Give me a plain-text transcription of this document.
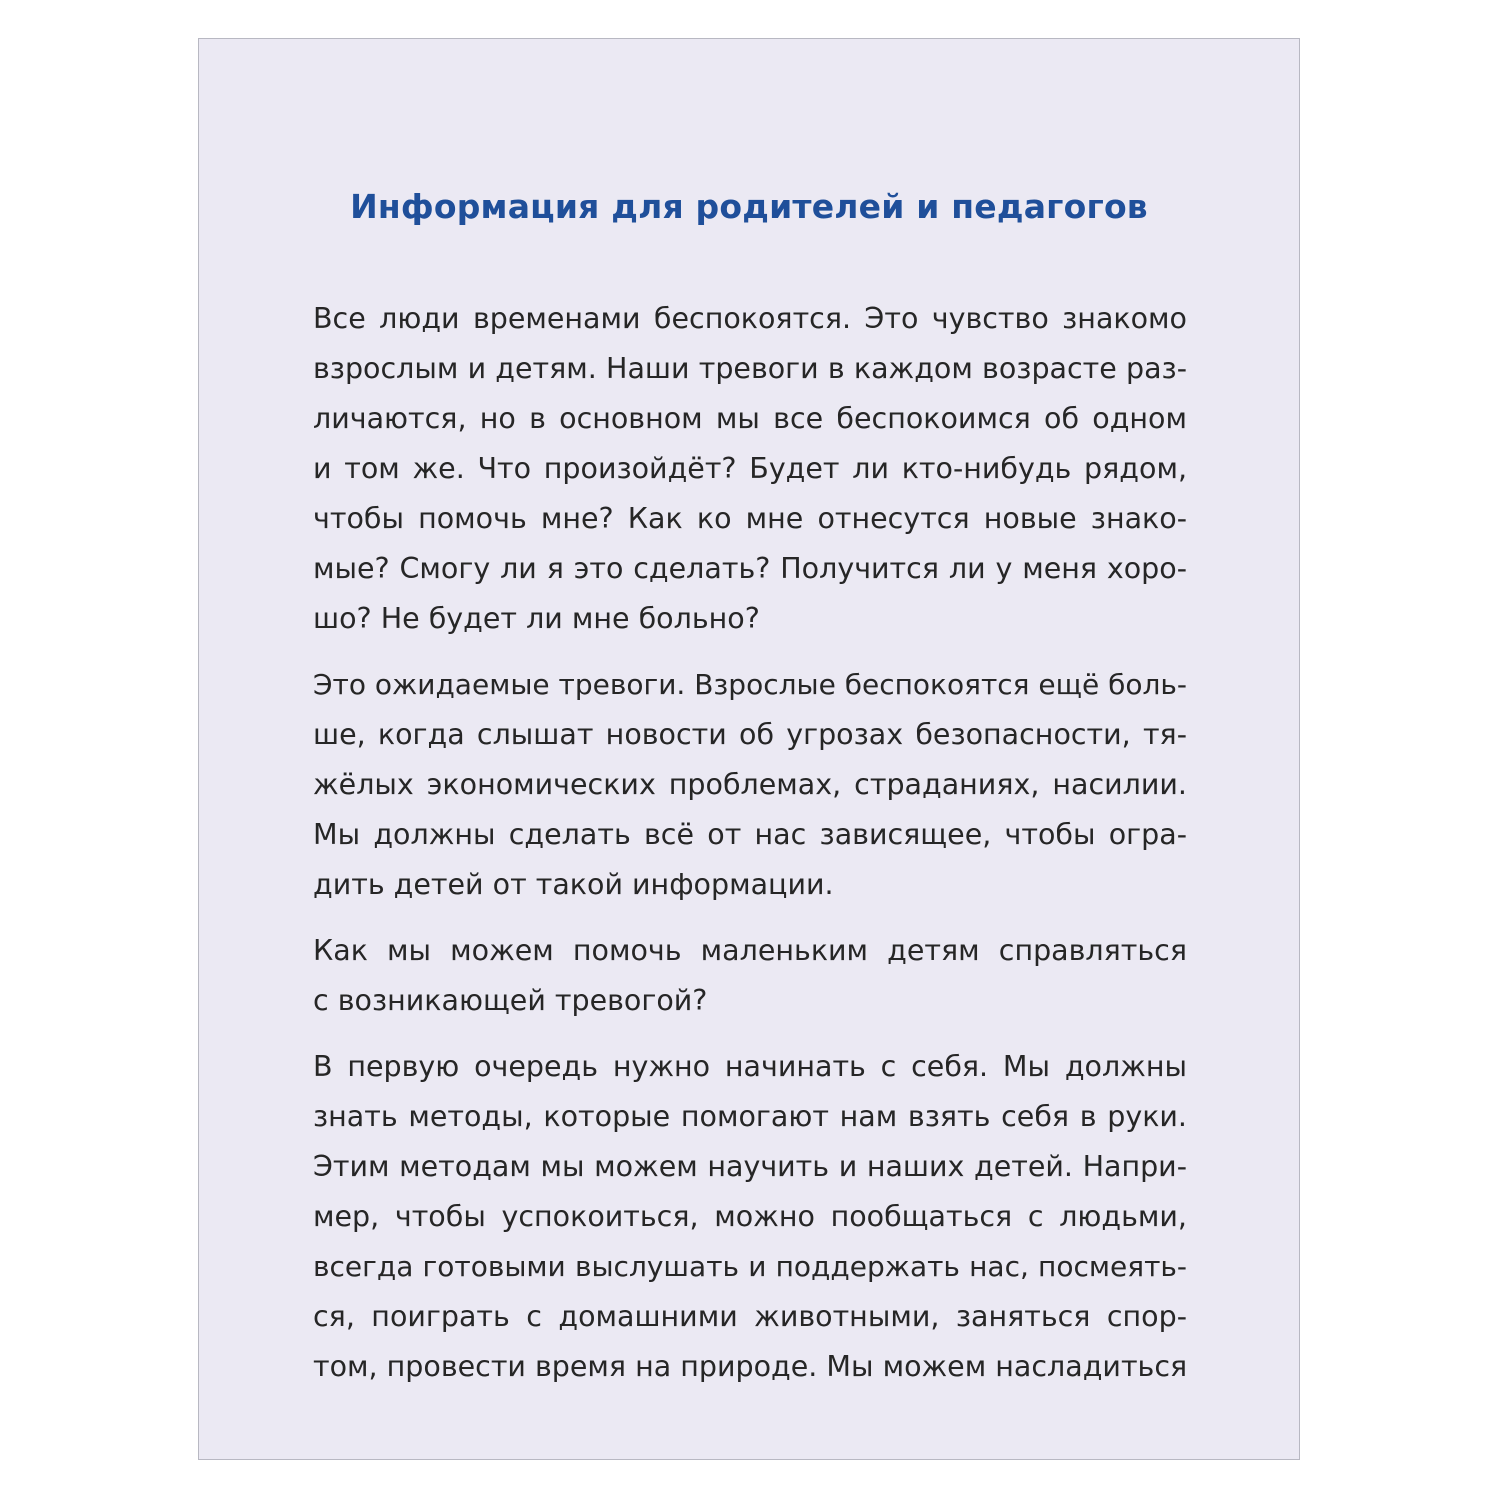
Информация для родителей и педагогов
Все люди временами беспокоятся. Это чувство знакомо
взрослым и детям. Наши тревоги в каждом возрасте раз-
личаются, но в основном мы все беспокоимся об одном
и том же. Что произойдёт? Будет ли кто-нибудь рядом,
чтобы помочь мне? Как ко мне отнесутся новые знако-
мые? Смогу ли я это сделать? Получится ли у меня хоро-
шо? Не будет ли мне больно?
Это ожидаемые тревоги. Взрослые беспокоятся ещё боль-
ше, когда слышат новости об угрозах безопасности, тя-
жёлых экономических проблемах, страданиях, насилии.
Мы должны сделать всё от нас зависящее, чтобы огра-
дить детей от такой информации.
Как мы можем помочь маленьким детям справляться
с возникающей тревогой?
В первую очередь нужно начинать с себя. Мы должны
знать методы, которые помогают нам взять себя в руки.
Этим методам мы можем научить и наших детей. Напри-
мер, чтобы успокоиться, можно пообщаться с людьми,
всегда готовыми выслушать и поддержать нас, посмеять-
ся, поиграть с домашними животными, заняться спор-
том, провести время на природе. Мы можем насладиться
